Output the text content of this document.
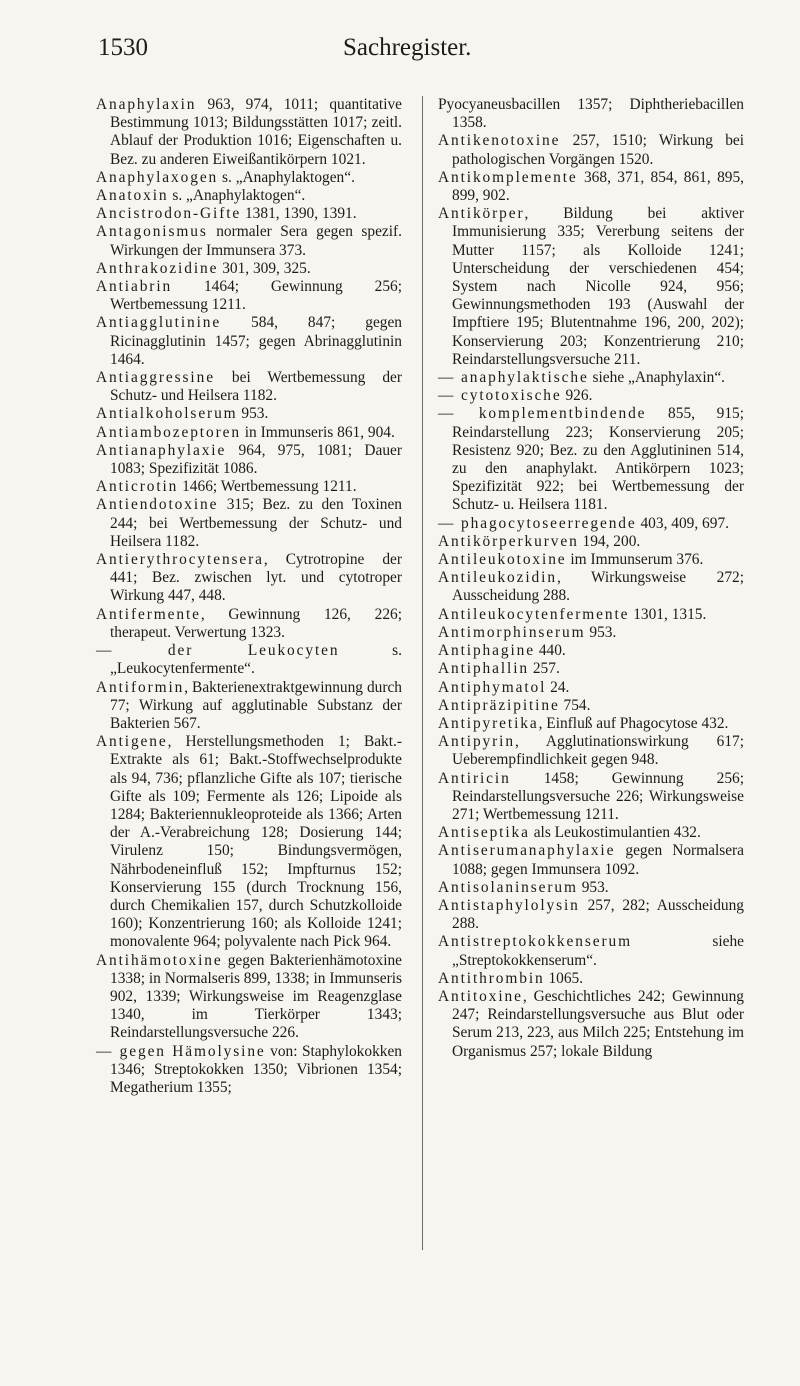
1530	Sachregister.

Anaphylaxin 963, 974, 1011; quantitative Bestimmung 1013; Bildungsstätten 1017; zeitl. Ablauf der Produktion 1016; Eigenschaften u. Bez. zu anderen Eiweißantikörpern 1021.

Anaphylaxogen s. „Anaphylaktogen“.

Anatoxin s. „Anaphylaktogen“.

Ancistrodon-Gifte 1381, 1390, 1391.

Antagonismus normaler Sera gegen spezif. Wirkungen der Immunsera 373.

Anthrakozidine 301, 309, 325.

Antiabrin 1464; Gewinnung 256; Wertbemessung 1211.

Antiagglutinine 584, 847; gegen Ricinagglutinin 1457; gegen Abrinagglutinin 1464.

Antiaggressine bei Wertbemessung der Schutz- und Heilsera 1182.

Antialkoholserum 953.

Antiambozeptoren in Immunseris 861, 904.

Antianaphylaxie 964, 975, 1081; Dauer 1083; Spezifizität 1086.

Anticrotin 1466; Wertbemessung 1211.

Antiendotoxine 315; Bez. zu den Toxinen 244; bei Wertbemessung der Schutz- und Heilsera 1182.

Antierythrocytensera, Cytrotropine der 441; Bez. zwischen lyt. und cytotroper Wirkung 447, 448.

Antifermente, Gewinnung 126, 226; therapeut. Verwertung 1323.

— der Leukocyten s. „Leukocytenfermente“.

Antiformin, Bakterienextraktgewinnung durch 77; Wirkung auf agglutinable Substanz der Bakterien 567.

Antigene, Herstellungsmethoden 1; Bakt.-Extrakte als 61; Bakt.-Stoffwechselprodukte als 94, 736; pflanzliche Gifte als 107; tierische Gifte als 109; Fermente als 126; Lipoide als 1284; Bakteriennukleoproteide als 1366; Arten der A.-Verabreichung 128; Dosierung 144; Virulenz 150; Bindungsvermögen, Nährbodeneinfluß 152; Impfturnus 152; Konservierung 155 (durch Trocknung 156, durch Chemikalien 157, durch Schutzkolloide 160); Konzentrierung 160; als Kolloide 1241; monovalente 964; polyvalente nach Pick 964.

Antihämotoxine gegen Bakterienhämotoxine 1338; in Normalseris 899, 1338; in Immunseris 902, 1339; Wirkungsweise im Reagenzglase 1340, im Tierkörper 1343; Reindarstellungsversuche 226.

— gegen Hämolysine von: Staphylokokken 1346; Streptokokken 1350; Vibrionen 1354; Megatherium 1355;

Pyocyaneusbacillen 1357; Diphtheriebacillen 1358.

Antikenotoxine 257, 1510; Wirkung bei pathologischen Vorgängen 1520.

Antikomplemente 368, 371, 854, 861, 895, 899, 902.

Antikörper, Bildung bei aktiver Immunisierung 335; Vererbung seitens der Mutter 1157; als Kolloide 1241; Unterscheidung der verschiedenen 454; System nach Nicolle 924, 956; Gewinnungsmethoden 193 (Auswahl der Impftiere 195; Blutentnahme 196, 200, 202); Konservierung 203; Konzentrierung 210; Reindarstellungsversuche 211.

— anaphylaktische siehe „Anaphylaxin“.

— cytotoxische 926.

— komplementbindende 855, 915; Reindarstellung 223; Konservierung 205; Resistenz 920; Bez. zu den Agglutininen 514, zu den anaphylakt. Antikörpern 1023; Spezifizität 922; bei Wertbemessung der Schutz- u. Heilsera 1181.

— phagocytoseerregende 403, 409, 697.

Antikörperkurven 194, 200.

Antileukotoxine im Immunserum 376.

Antileukozidin, Wirkungsweise 272; Ausscheidung 288.

Antileukocytenfermente 1301, 1315.

Antimorphinserum 953.

Antiphagine 440.

Antiphallin 257.

Antiphymatol 24.

Antipräzipitine 754.

Antipyretika, Einfluß auf Phagocytose 432.

Antipyrin, Agglutinationswirkung 617; Ueberempfindlichkeit gegen 948.

Antiricin 1458; Gewinnung 256; Reindarstellungsversuche 226; Wirkungsweise 271; Wertbemessung 1211.

Antiseptika als Leukostimulantien 432.

Antiserumanaphylaxie gegen Normalsera 1088; gegen Immunsera 1092.

Antisolaninserum 953.

Antistaphylolysin 257, 282; Ausscheidung 288.

Antistreptokokkenserum siehe „Streptokokkenserum“.

Antithrombin 1065.

Antitoxine, Geschichtliches 242; Gewinnung 247; Reindarstellungsversuche aus Blut oder Serum 213, 223, aus Milch 225; Entstehung im Organismus 257; lokale Bildung
